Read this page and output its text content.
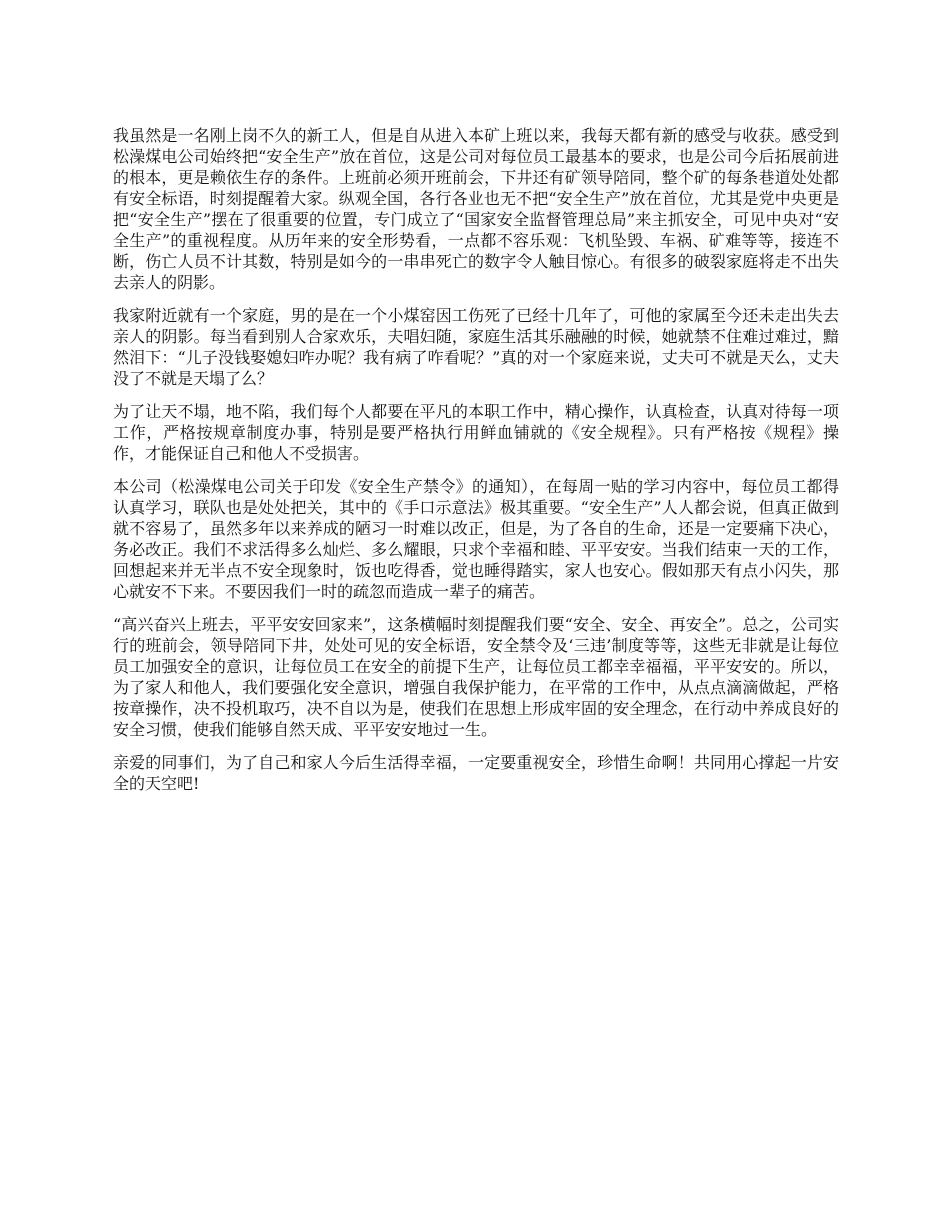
我虽然是一名刚上岗不久的新工人，但是自从进入本矿上班以来，我每天都有新的感受与收获。感受到松澡煤电公司始终把“安全生产”放在首位，这是公司对每位员工最基本的要求，也是公司今后拓展前进的根本，更是赖依生存的条件。上班前必须开班前会，下井还有矿领导陪同，整个矿的每条巷道处处都有安全标语，时刻提醒着大家。纵观全国，各行各业也无不把“安全生产”放在首位，尤其是党中央更是把“安全生产”摆在了很重要的位置，专门成立了“国家安全监督管理总局”来主抓安全，可见中央对“安全生产”的重视程度。从历年来的安全形势看，一点都不容乐观：飞机坠毁、车祸、矿难等等，接连不断，伤亡人员不计其数，特别是如今的一串串死亡的数字令人触目惊心。有很多的破裂家庭将走不出失去亲人的阴影。

我家附近就有一个家庭，男的是在一个小煤窑因工伤死了已经十几年了，可他的家属至今还未走出失去亲人的阴影。每当看到别人合家欢乐，夫唱妇随，家庭生活其乐融融的时候，她就禁不住难过难过，黯然泪下：“儿子没钱娶媳妇咋办呢？我有病了咋看呢？”真的对一个家庭来说，丈夫可不就是天么，丈夫没了不就是天塌了么？

为了让天不塌，地不陷，我们每个人都要在平凡的本职工作中，精心操作，认真检查，认真对待每一项工作，严格按规章制度办事，特别是要严格执行用鲜血铺就的《安全规程》。只有严格按《规程》操作，才能保证自己和他人不受损害。

本公司（松澡煤电公司关于印发《安全生产禁令》的通知），在每周一贴的学习内容中，每位员工都得认真学习，联队也是处处把关，其中的《手口示意法》极其重要。“安全生产”人人都会说，但真正做到就不容易了，虽然多年以来养成的陋习一时难以改正，但是，为了各自的生命，还是一定要痛下决心，务必改正。我们不求活得多么灿烂、多么耀眼，只求个幸福和睦、平平安安。当我们结束一天的工作，回想起来并无半点不安全现象时，饭也吃得香，觉也睡得踏实，家人也安心。假如那天有点小闪失，那心就安不下来。不要因我们一时的疏忽而造成一辈子的痛苦。

“高兴奋兴上班去，平平安安回家来”，这条横幅时刻提醒我们要“安全、安全、再安全”。总之，公司实行的班前会，领导陪同下井，处处可见的安全标语，安全禁令及‘三违’制度等等，这些无非就是让每位员工加强安全的意识，让每位员工在安全的前提下生产，让每位员工都幸幸福福，平平安安的。所以，为了家人和他人，我们要强化安全意识，增强自我保护能力，在平常的工作中，从点点滴滴做起，严格按章操作，决不投机取巧，决不自以为是，使我们在思想上形成牢固的安全理念，在行动中养成良好的安全习惯，使我们能够自然天成、平平安安地过一生。

亲爱的同事们，为了自己和家人今后生活得幸福，一定要重视安全，珍惜生命啊！共同用心撑起一片安全的天空吧!
